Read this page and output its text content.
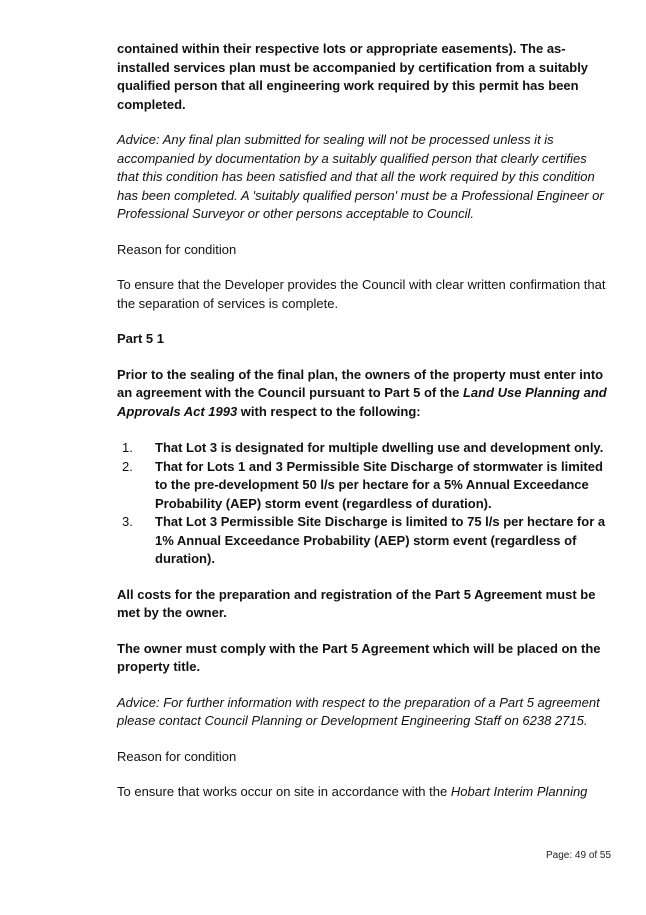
contained within their respective lots or appropriate easements). The as-installed services plan must be accompanied by certification from a suitably qualified person that all engineering work required by this permit has been completed.

Advice: Any final plan submitted for sealing will not be processed unless it is accompanied by documentation by a suitably qualified person that clearly certifies that this condition has been satisfied and that all the work required by this condition has been completed. A 'suitably qualified person' must be a Professional Engineer or Professional Surveyor or other persons acceptable to Council.

Reason for condition

To ensure that the Developer provides the Council with clear written confirmation that the separation of services is complete.

Part 5 1

Prior to the sealing of the final plan, the owners of the property must enter into an agreement with the Council pursuant to Part 5 of the Land Use Planning and Approvals Act 1993 with respect to the following:

1.	That Lot 3 is designated for multiple dwelling use and development only.
2.	That for Lots 1 and 3 Permissible Site Discharge of stormwater is limited to the pre-development 50 l/s per hectare for a 5% Annual Exceedance Probability (AEP) storm event (regardless of duration).
3.	That Lot 3 Permissible Site Discharge is limited to 75 l/s per hectare for a 1% Annual Exceedance Probability (AEP) storm event (regardless of duration).

All costs for the preparation and registration of the Part 5 Agreement must be met by the owner.

The owner must comply with the Part 5 Agreement which will be placed on the property title.

Advice: For further information with respect to the preparation of a Part 5 agreement please contact Council Planning or Development Engineering Staff on 6238 2715.

Reason for condition

To ensure that works occur on site in accordance with the Hobart Interim Planning

Page: 49 of 55
